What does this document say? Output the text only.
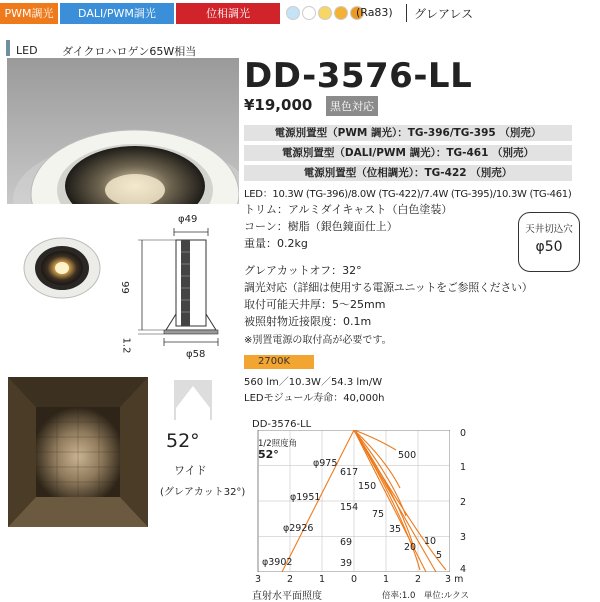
PWM調光	DALI/PWM調光	位相調光	(Ra83) グレアレス
LED ダイクロハロゲン65W相当
φ49
99
1.2
φ58
52°
ワイド
(グレアカット32°)
DD-3576-LL
¥19,000	黒色対応
電源別置型（PWM 調光）：TG-396/TG-395 （別売）
電源別置型（DALI/PWM 調光）：TG-461 （別売）
電源別置型（位相調光）：TG-422 （別売）
LED：10.3W (TG-396)/8.0W (TG-422)/7.4W (TG-395)/10.3W (TG-461)
トリム：アルミダイキャスト（白色塗装）
コーン：樹脂（銀色鏡面仕上）
重量：0.2kg
天井切込穴
φ50
グレアカットオフ：32°
調光対応（詳細は使用する電源ユニットをご参照ください）
取付可能天井厚：5～25mm
被照射物近接限度：0.1m
※別置電源の取付高が必要です。
2700K
560 lm／10.3W／54.3 lm/W
LEDモジュール寿命：40,000h
DD-3576-LL
1/2照度角
52°
φ975
φ1951
φ2926
φ3902
617
154
69
39
500
150
75
35
20
10
5
0
1
2
3
4
3	2	1	0	1	2	3 m
直射水平面照度	倍率:1.0　単位:ルクス
